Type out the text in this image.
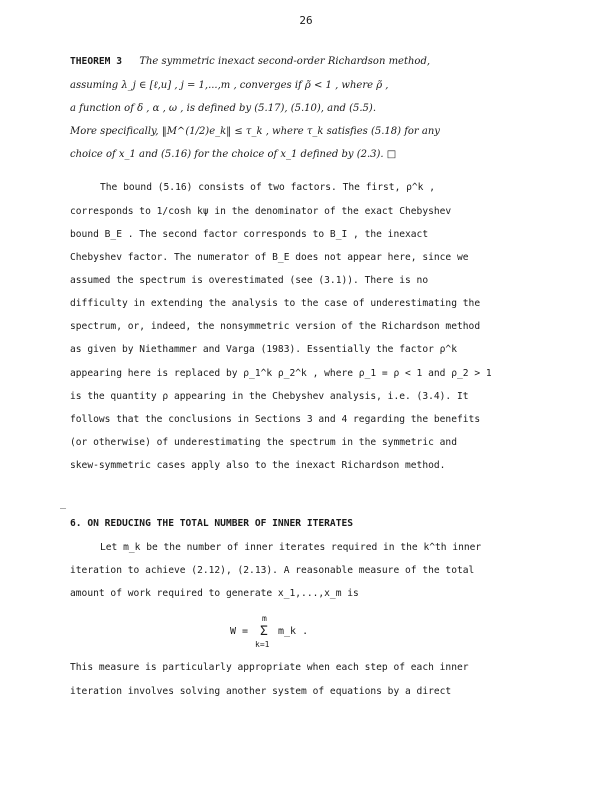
26
THEOREM 3 The symmetric inexact second-order Richardson method,
assuming λ_j ∈ [ℓ,u] , j = 1,...,m , converges if ρ̃ < 1 , where ρ̃ ,
a function of δ , α , ω , is defined by (5.17), (5.10), and (5.5).
More specifically, ‖M^(1/2)e_k‖ ≤ τ_k , where τ_k satisfies (5.18) for any
choice of x_1 and (5.16) for the choice of x_1 defined by (2.3). □
The bound (5.16) consists of two factors. The first, ρ^k ,
corresponds to 1/cosh kψ in the denominator of the exact Chebyshev
bound B_E . The second factor corresponds to B_I , the inexact
Chebyshev factor. The numerator of B_E does not appear here, since we
assumed the spectrum is overestimated (see (3.1)). There is no
difficulty in extending the analysis to the case of underestimating the
spectrum, or, indeed, the nonsymmetric version of the Richardson method
as given by Niethammer and Varga (1983). Essentially the factor ρ^k
appearing here is replaced by ρ_1^k ρ_2^k , where ρ_1 = ρ < 1 and ρ_2 > 1
_
is the quantity ρ appearing in the Chebyshev analysis, i.e. (3.4). It
follows that the conclusions in Sections 3 and 4 regarding the benefits
(or otherwise) of underestimating the spectrum in the symmetric and
skew-symmetric cases apply also to the inexact Richardson method.
6. ON REDUCING THE TOTAL NUMBER OF INNER ITERATES
Let m_k be the number of inner iterates required in the k^th inner
iteration to achieve (2.12), (2.13). A reasonable measure of the total
amount of work required to generate x_1,...,x_m is
W =
m
Σ
k=1
m_k .
This measure is particularly appropriate when each step of each inner
iteration involves solving another system of equations by a direct
